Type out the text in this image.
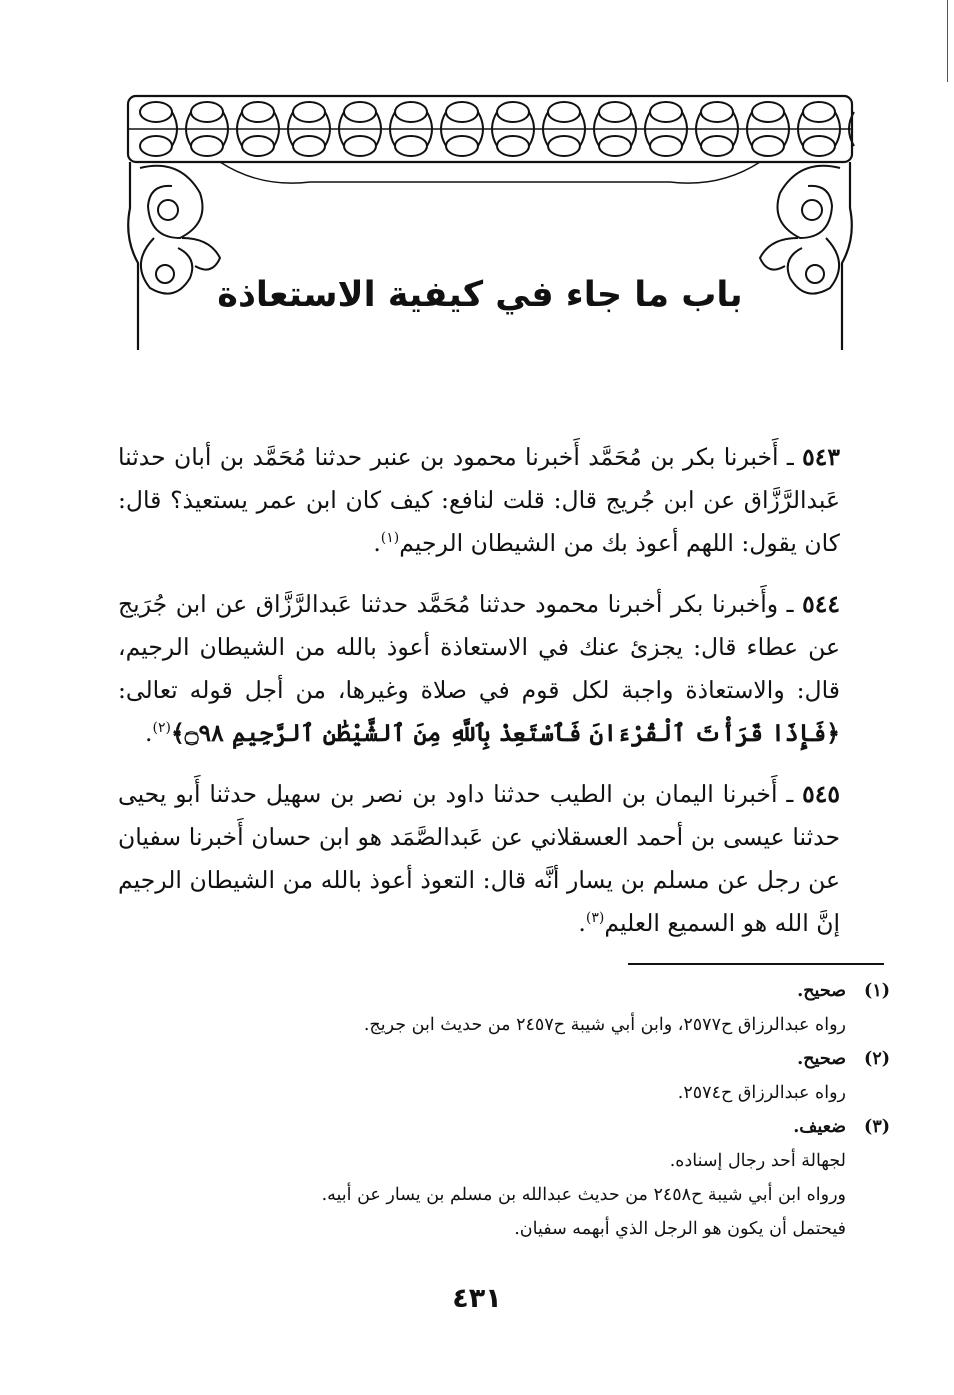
باب ما جاء في كيفية الاستعاذة

٥٤٣ ـ أَخبرنا بكر بن مُحَمَّد أَخبرنا محمود بن عنبر حدثنا مُحَمَّد بن أبان حدثنا عَبدالرَّزَّاق عن ابن جُريج قال: قلت لنافع: كيف كان ابن عمر يستعيذ؟ قال: كان يقول: اللهم أعوذ بك من الشيطان الرجيم$^{(١)}$.

٥٤٤ ـ وأَخبرنا بكر أخبرنا محمود حدثنا مُحَمَّد حدثنا عَبدالرَّزَّاق عن ابن جُرَيج عن عطاء قال: يجزئ عنك في الاستعاذة أعوذ بالله من الشيطان الرجيم، قال: والاستعاذة واجبة لكل قوم في صلاة وغيرها، من أجل قوله تعالى: ﴿فَإِذَا قَرَأْتَ ٱلْقُرْءَانَ فَٱسْتَعِذْ بِٱللَّهِ مِنَ ٱلشَّيْطَٰنِ ٱلرَّجِيمِ ۝٩٨﴾$^{(٢)}$.

٥٤٥ ـ أَخبرنا اليمان بن الطيب حدثنا داود بن نصر بن سهيل حدثنا أَبو يحيى حدثنا عيسى بن أحمد العسقلاني عن عَبدالصَّمَد هو ابن حسان أَخبرنا سفيان عن رجل عن مسلم بن يسار أنَّه قال: التعوذ أعوذ بالله من الشيطان الرجيم إنَّ الله هو السميع العليم$^{(٣)}$.

(١)صحيح.
رواه عبدالرزاق ح٢٥٧٧، وابن أبي شيبة ح٢٤٥٧ من حديث ابن جريج.
(٢)صحيح.
رواه عبدالرزاق ح٢٥٧٤.
(٣)ضعيف.
لجهالة أحد رجال إسناده.
ورواه ابن أبي شيبة ح٢٤٥٨ من حديث عبدالله بن مسلم بن يسار عن أبيه.
فيحتمل أن يكون هو الرجل الذي أبهمه سفيان.
٤٣١
